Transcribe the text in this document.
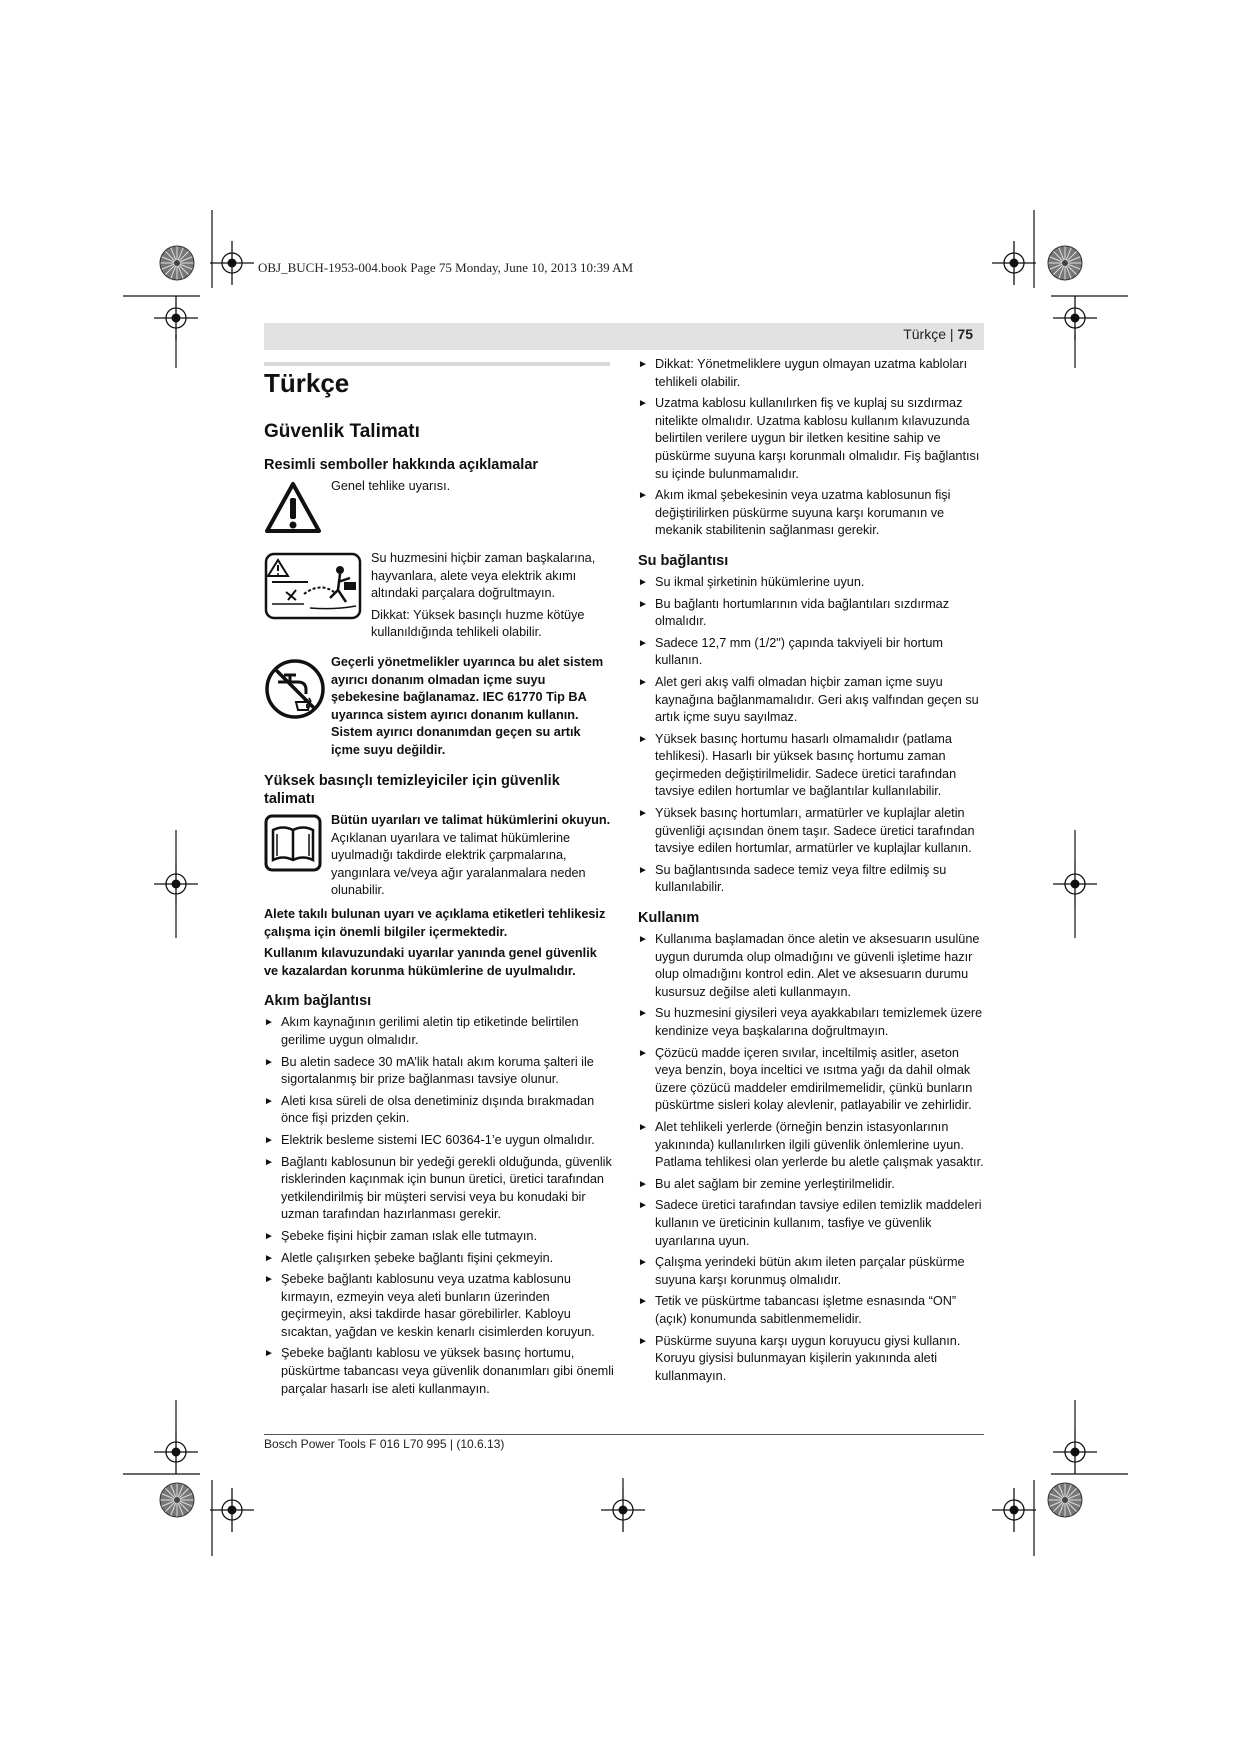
OBJ_BUCH-1953-004.book Page 75 Monday, June 10, 2013 10:39 AM
Türkçe | 75
Türkçe
Güvenlik Talimatı
Resimli semboller hakkında açıklamalar

Genel tehlike uyarısı.

Su huzmesini hiçbir zaman başkalarına, hayvanlara, alete veya elektrik akımı altındaki parçalara doğrultmayın.

Dikkat: Yüksek basınçlı huzme kötüye kullanıldığında tehlikeli olabilir.

Geçerli yönetmelikler uyarınca bu alet sistem ayırıcı donanım olmadan içme suyu şebekesine bağlanamaz. IEC 61770 Tip BA uyarınca sistem ayırıcı donanım kullanın. Sistem ayırıcı donanımdan geçen su artık içme suyu değildir.

Yüksek basınçlı temizleyiciler için güvenlik talimatı

Bütün uyarıları ve talimat hükümlerini okuyun.

Açıklanan uyarılara ve talimat hükümlerine uyulmadığı takdirde elektrik çarpmalarına, yangınlara ve/veya ağır yaralanmalara neden olunabilir.

Alete takılı bulunan uyarı ve açıklama etiketleri tehlikesiz çalışma için önemli bilgiler içermektedir.

Kullanım kılavuzundaki uyarılar yanında genel güvenlik ve kazalardan korunma hükümlerine de uyulmalıdır.

Akım bağlantısı
► Akım kaynağının gerilimi aletin tip etiketinde belirtilen gerilime uygun olmalıdır.
► Bu aletin sadece 30 mA’lik hatalı akım koruma şalteri ile sigortalanmış bir prize bağlanması tavsiye olunur.
► Aleti kısa süreli de olsa denetiminiz dışında bırakmadan önce fişi prizden çekin.
► Elektrik besleme sistemi IEC 60364-1’e uygun olmalıdır.
► Bağlantı kablosunun bir yedeği gerekli olduğunda, güvenlik risklerinden kaçınmak için bunun üretici, üretici tarafından yetkilendirilmiş bir müşteri servisi veya bu konudaki bir uzman tarafından hazırlanması gerekir.
► Şebeke fişini hiçbir zaman ıslak elle tutmayın.
► Aletle çalışırken şebeke bağlantı fişini çekmeyin.
► Şebeke bağlantı kablosunu veya uzatma kablosunu kırmayın, ezmeyin veya aleti bunların üzerinden geçirmeyin, aksi takdirde hasar görebilirler. Kabloyu sıcaktan, yağdan ve keskin kenarlı cisimlerden koruyun.
► Şebeke bağlantı kablosu ve yüksek basınç hortumu, püskürtme tabancası veya güvenlik donanımları gibi önemli parçalar hasarlı ise aleti kullanmayın.
► Dikkat: Yönetmeliklere uygun olmayan uzatma kabloları tehlikeli olabilir.
► Uzatma kablosu kullanılırken fiş ve kuplaj su sızdırmaz nitelikte olmalıdır. Uzatma kablosu kullanım kılavuzunda belirtilen verilere uygun bir iletken kesitine sahip ve püskürme suyuna karşı korunmalı olmalıdır. Fiş bağlantısı su içinde bulunmamalıdır.
► Akım ikmal şebekesinin veya uzatma kablosunun fişi değiştirilirken püskürme suyuna karşı korumanın ve mekanik stabilitenin sağlanması gerekir.
Su bağlantısı
► Su ikmal şirketinin hükümlerine uyun.
► Bu bağlantı hortumlarının vida bağlantıları sızdırmaz olmalıdır.
► Sadece 12,7 mm (1/2") çapında takviyeli bir hortum kullanın.
► Alet geri akış valfi olmadan hiçbir zaman içme suyu kaynağına bağlanmamalıdır. Geri akış valfından geçen su artık içme suyu sayılmaz.
► Yüksek basınç hortumu hasarlı olmamalıdır (patlama tehlikesi). Hasarlı bir yüksek basınç hortumu zaman geçirmeden değiştirilmelidir. Sadece üretici tarafından tavsiye edilen hortumlar ve bağlantılar kullanılabilir.
► Yüksek basınç hortumları, armatürler ve kuplajlar aletin güvenliği açısından önem taşır. Sadece üretici tarafından tavsiye edilen hortumlar, armatürler ve kuplajlar kullanın.
► Su bağlantısında sadece temiz veya filtre edilmiş su kullanılabilir.
Kullanım
► Kullanıma başlamadan önce aletin ve aksesuarın usulüne uygun durumda olup olmadığını ve güvenli işletime hazır olup olmadığını kontrol edin. Alet ve aksesuarın durumu kusursuz değilse aleti kullanmayın.
► Su huzmesini giysileri veya ayakkabıları temizlemek üzere kendinize veya başkalarına doğrultmayın.
► Çözücü madde içeren sıvılar, inceltilmiş asitler, aseton veya benzin, boya inceltici ve ısıtma yağı da dahil olmak üzere çözücü maddeler emdirilmemelidir, çünkü bunların püskürtme sisleri kolay alevlenir, patlayabilir ve zehirlidir.
► Alet tehlikeli yerlerde (örneğin benzin istasyonlarının yakınında) kullanılırken ilgili güvenlik önlemlerine uyun. Patlama tehlikesi olan yerlerde bu aletle çalışmak yasaktır.
► Bu alet sağlam bir zemine yerleştirilmelidir.
► Sadece üretici tarafından tavsiye edilen temizlik maddeleri kullanın ve üreticinin kullanım, tasfiye ve güvenlik uyarılarına uyun.
► Çalışma yerindeki bütün akım ileten parçalar püskürme suyuna karşı korunmuş olmalıdır.
► Tetik ve püskürtme tabancası işletme esnasında “ON” (açık) konumunda sabitlenmemelidir.
► Püskürme suyuna karşı uygun koruyucu giysi kullanın. Koruyu giysisi bulunmayan kişilerin yakınında aleti kullanmayın.
Bosch Power Tools F 016 L70 995 | (10.6.13)
